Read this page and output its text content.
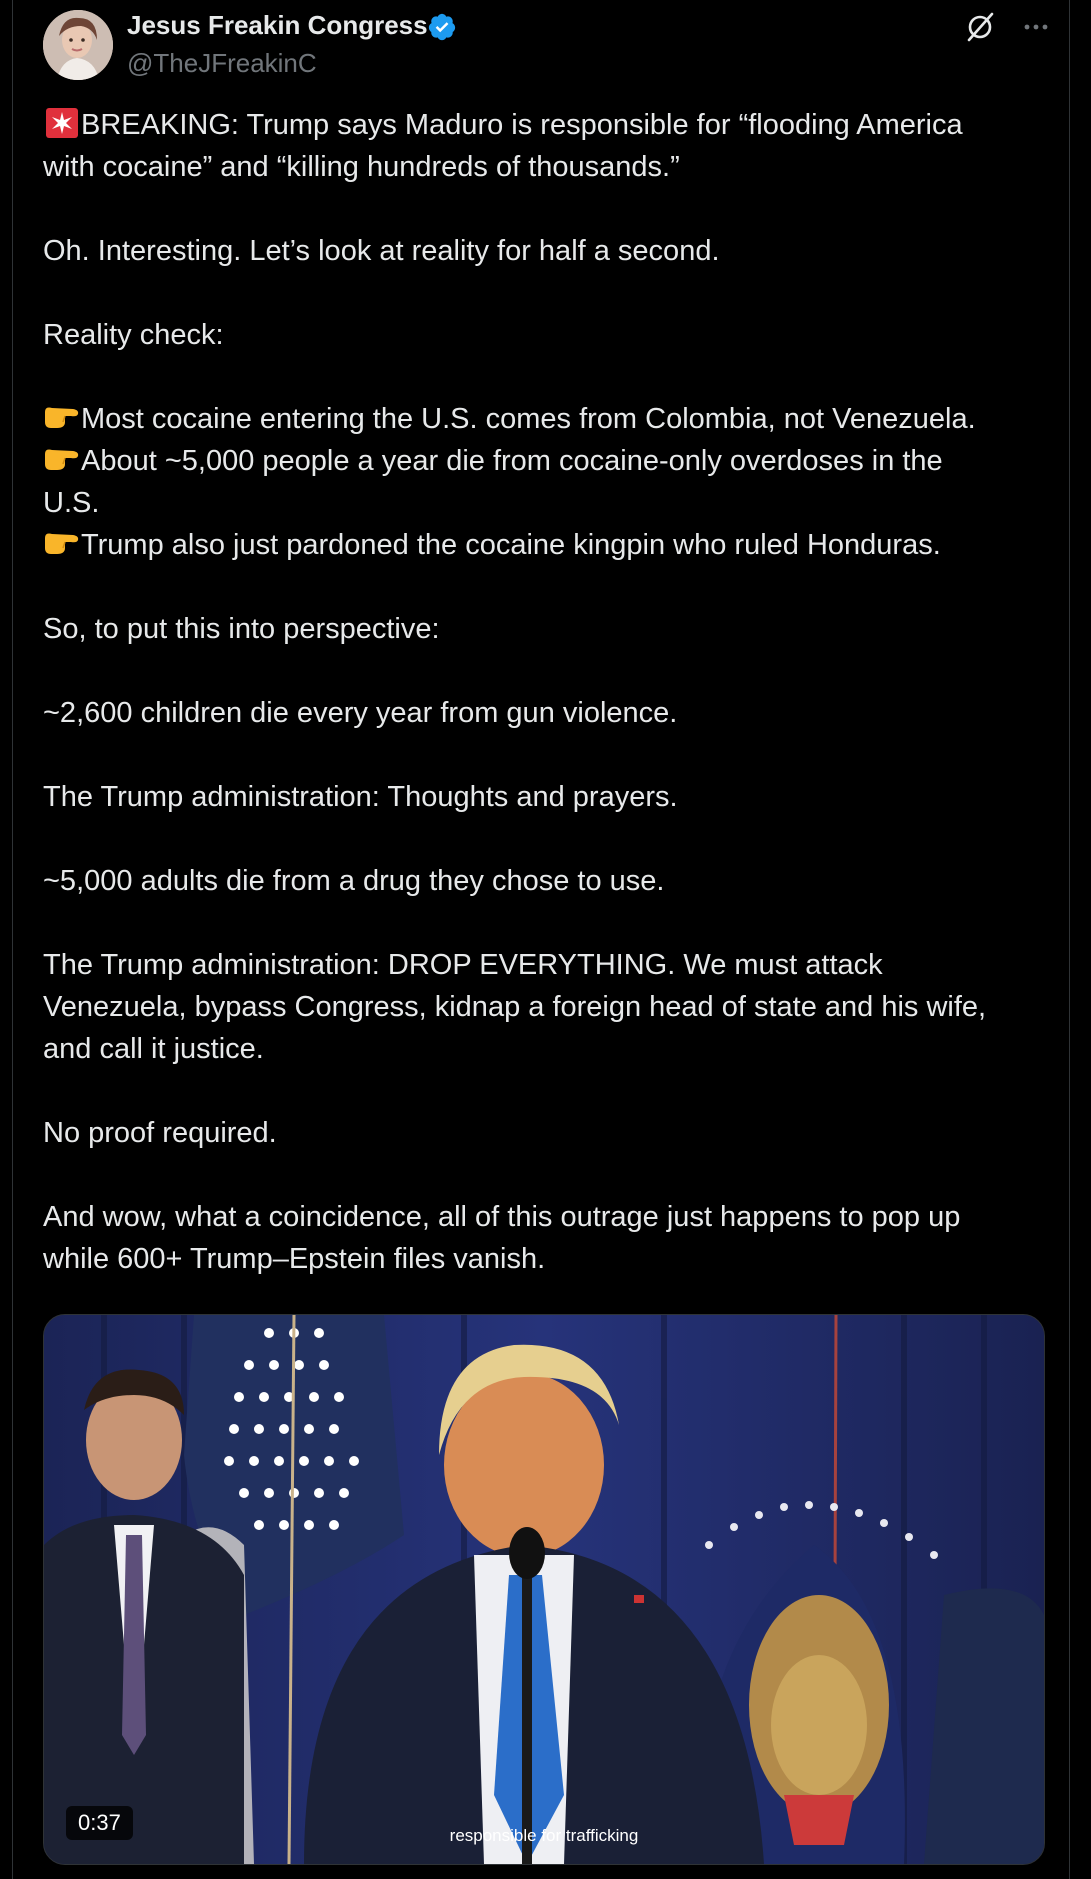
Jesus Freakin Congress
@TheJFreakinC
BREAKING: Trump says Maduro is responsible for “flooding America
with cocaine” and “killing hundreds of thousands.”

Oh. Interesting. Let’s look at reality for half a second.

Reality check:

Most cocaine entering the U.S. comes from Colombia, not Venezuela.
About ~5,000 people a year die from cocaine-only overdoses in the
U.S.
Trump also just pardoned the cocaine kingpin who ruled Honduras.

So, to put this into perspective:

~2,600 children die every year from gun violence.

The Trump administration: Thoughts and prayers.

~5,000 adults die from a drug they chose to use.

The Trump administration: DROP EVERYTHING. We must attack
Venezuela, bypass Congress, kidnap a foreign head of state and his wife,
and call it justice.

No proof required.

And wow, what a coincidence, all of this outrage just happens to pop up
while 600+ Trump–Epstein files vanish.
0:37
responsible for trafficking
